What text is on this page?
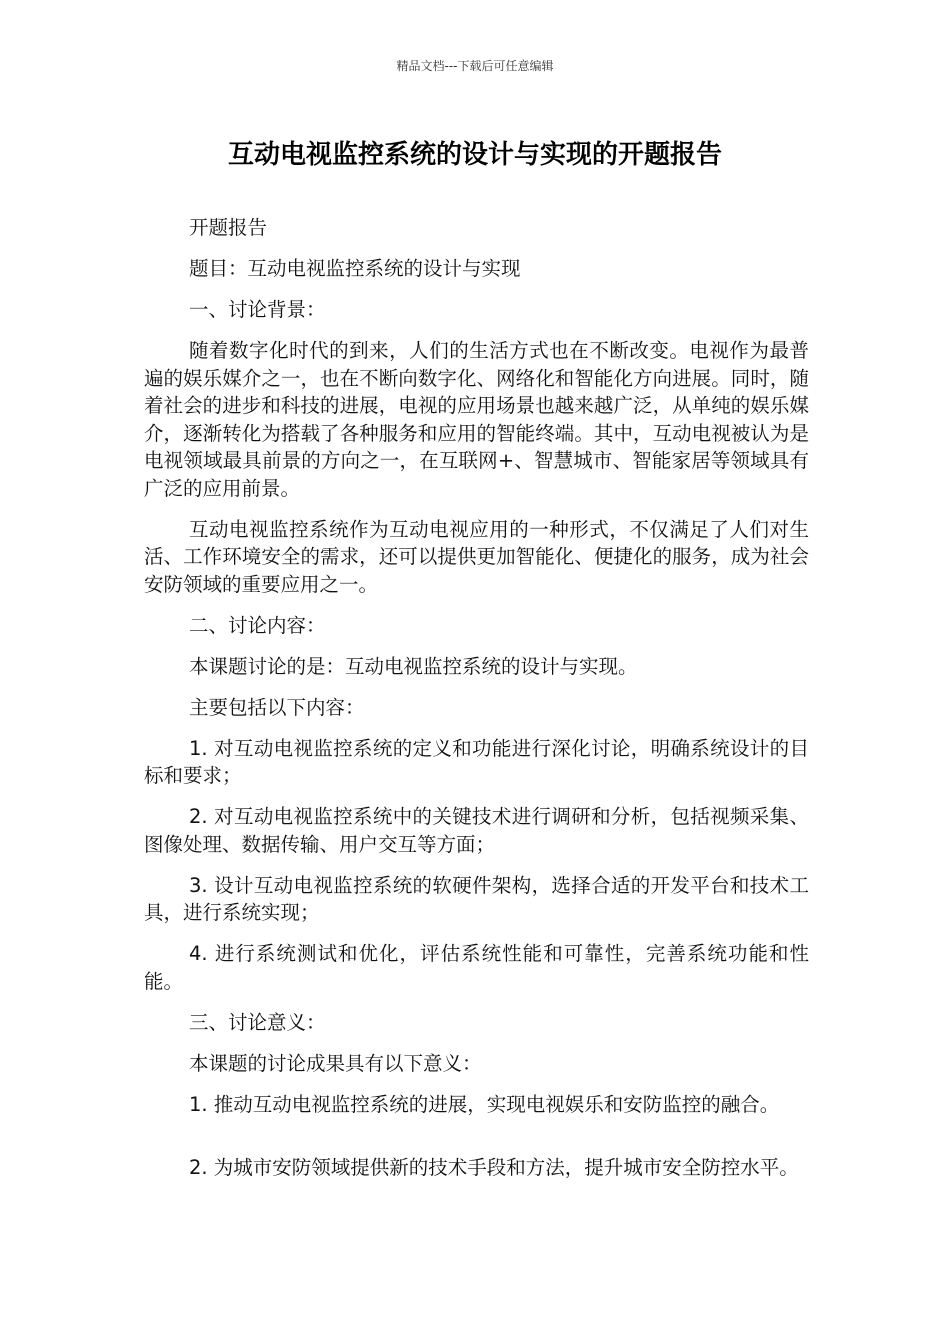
精品文档---下载后可任意编辑
互动电视监控系统的设计与实现的开题报告

开题报告

题目：互动电视监控系统的设计与实现

一、讨论背景：

随着数字化时代的到来，人们的生活方式也在不断改变。电视作为最普遍的娱乐媒介之一，也在不断向数字化、网络化和智能化方向进展。同时，随着社会的进步和科技的进展，电视的应用场景也越来越广泛，从单纯的娱乐媒介，逐渐转化为搭载了各种服务和应用的智能终端。其中，互动电视被认为是电视领域最具前景的方向之一，在互联网+、智慧城市、智能家居等领域具有广泛的应用前景。

互动电视监控系统作为互动电视应用的一种形式，不仅满足了人们对生活、工作环境安全的需求，还可以提供更加智能化、便捷化的服务，成为社会安防领域的重要应用之一。

二、讨论内容：

本课题讨论的是：互动电视监控系统的设计与实现。

主要包括以下内容：

1. 对互动电视监控系统的定义和功能进行深化讨论，明确系统设计的目标和要求；

2. 对互动电视监控系统中的关键技术进行调研和分析，包括视频采集、图像处理、数据传输、用户交互等方面；

3. 设计互动电视监控系统的软硬件架构，选择合适的开发平台和技术工具，进行系统实现；

4. 进行系统测试和优化，评估系统性能和可靠性，完善系统功能和性能。

三、讨论意义：

本课题的讨论成果具有以下意义：

1. 推动互动电视监控系统的进展，实现电视娱乐和安防监控的融合。

2. 为城市安防领域提供新的技术手段和方法，提升城市安全防控水平。
